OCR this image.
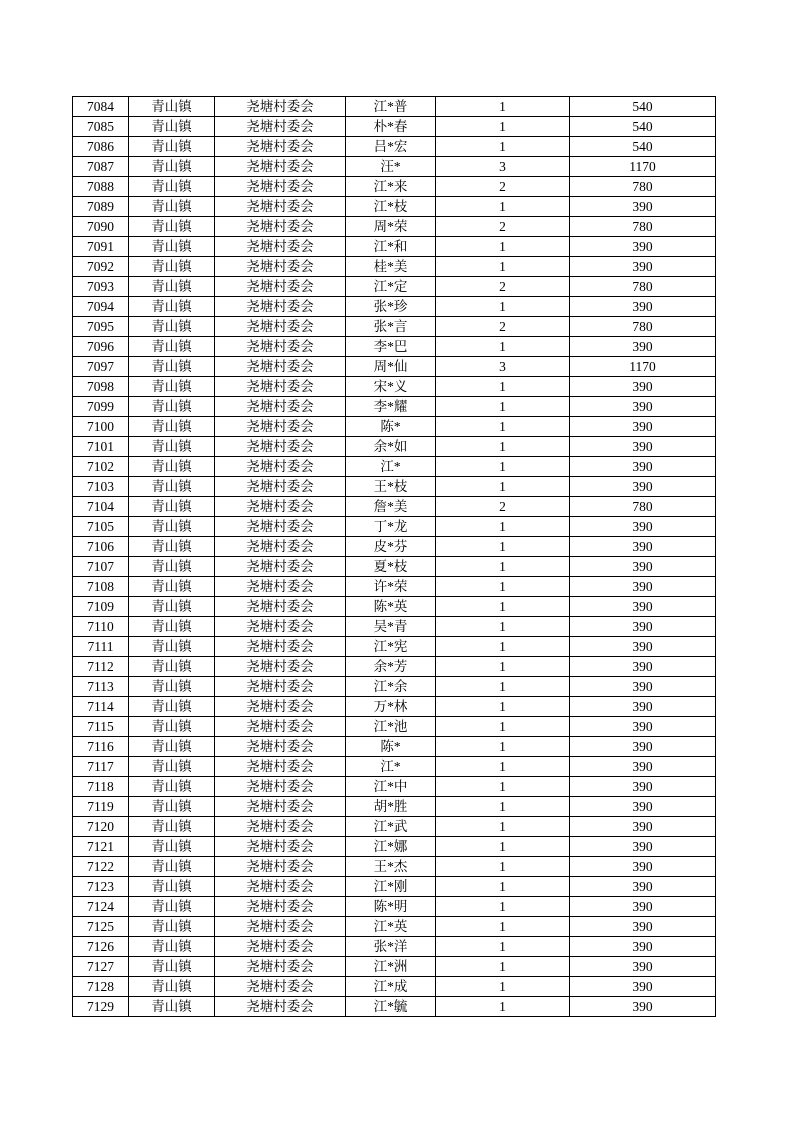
7084	青山镇	尧塘村委会	江*普	1	540
7085	青山镇	尧塘村委会	朴*春	1	540
7086	青山镇	尧塘村委会	吕*宏	1	540
7087	青山镇	尧塘村委会	汪*	3	1170
7088	青山镇	尧塘村委会	江*来	2	780
7089	青山镇	尧塘村委会	江*枝	1	390
7090	青山镇	尧塘村委会	周*荣	2	780
7091	青山镇	尧塘村委会	江*和	1	390
7092	青山镇	尧塘村委会	桂*美	1	390
7093	青山镇	尧塘村委会	江*定	2	780
7094	青山镇	尧塘村委会	张*珍	1	390
7095	青山镇	尧塘村委会	张*言	2	780
7096	青山镇	尧塘村委会	李*巴	1	390
7097	青山镇	尧塘村委会	周*仙	3	1170
7098	青山镇	尧塘村委会	宋*义	1	390
7099	青山镇	尧塘村委会	李*耀	1	390
7100	青山镇	尧塘村委会	陈*	1	390
7101	青山镇	尧塘村委会	余*如	1	390
7102	青山镇	尧塘村委会	江*	1	390
7103	青山镇	尧塘村委会	王*枝	1	390
7104	青山镇	尧塘村委会	詹*美	2	780
7105	青山镇	尧塘村委会	丁*龙	1	390
7106	青山镇	尧塘村委会	皮*芬	1	390
7107	青山镇	尧塘村委会	夏*枝	1	390
7108	青山镇	尧塘村委会	许*荣	1	390
7109	青山镇	尧塘村委会	陈*英	1	390
7110	青山镇	尧塘村委会	吴*青	1	390
7111	青山镇	尧塘村委会	江*宪	1	390
7112	青山镇	尧塘村委会	余*芳	1	390
7113	青山镇	尧塘村委会	江*余	1	390
7114	青山镇	尧塘村委会	万*林	1	390
7115	青山镇	尧塘村委会	江*池	1	390
7116	青山镇	尧塘村委会	陈*	1	390
7117	青山镇	尧塘村委会	江*	1	390
7118	青山镇	尧塘村委会	江*中	1	390
7119	青山镇	尧塘村委会	胡*胜	1	390
7120	青山镇	尧塘村委会	江*武	1	390
7121	青山镇	尧塘村委会	江*娜	1	390
7122	青山镇	尧塘村委会	王*杰	1	390
7123	青山镇	尧塘村委会	江*刚	1	390
7124	青山镇	尧塘村委会	陈*明	1	390
7125	青山镇	尧塘村委会	江*英	1	390
7126	青山镇	尧塘村委会	张*洋	1	390
7127	青山镇	尧塘村委会	江*洲	1	390
7128	青山镇	尧塘村委会	江*成	1	390
7129	青山镇	尧塘村委会	江*毓	1	390
